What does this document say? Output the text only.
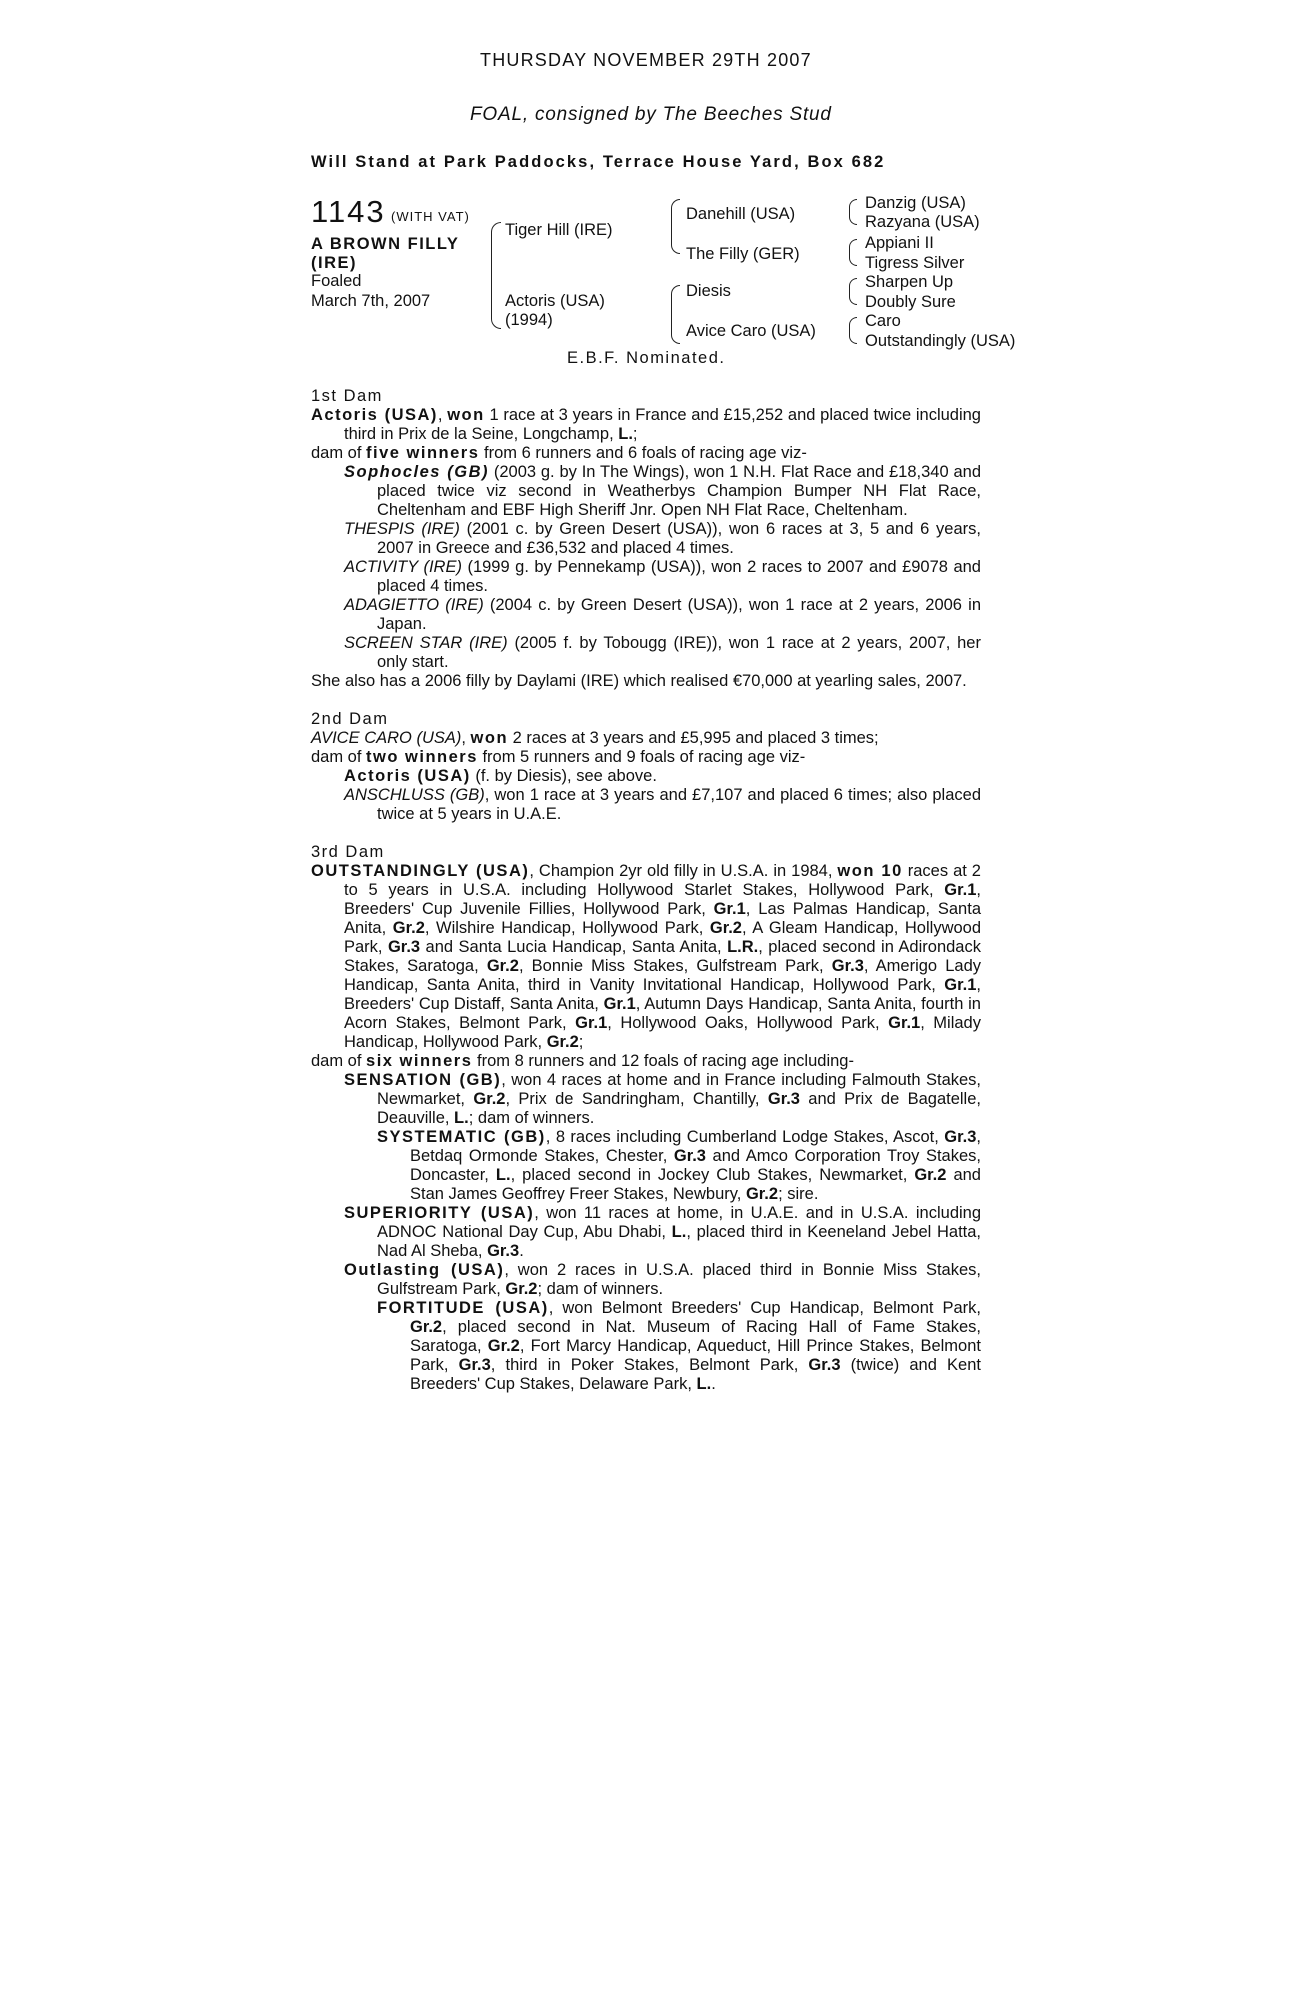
THURSDAY NOVEMBER 29TH 2007
FOAL, consigned by The Beeches Stud
Will Stand at Park Paddocks, Terrace House Yard, Box 682
1143 (WITH VAT)
A BROWN FILLY
(IRE)
Foaled
March 7th, 2007
Tiger Hill (IRE)
Actoris (USA)
(1994)
Danehill (USA)
The Filly (GER)
Diesis
Avice Caro (USA)
Danzig (USA)
Razyana (USA)
Appiani II
Tigress Silver
Sharpen Up
Doubly Sure
Caro
Outstandingly (USA)
E.B.F. Nominated.

1st Dam

Actoris (USA), won 1 race at 3 years in France and £15,252 and placed twice including third in Prix de la Seine, Longchamp, L.;

dam of five winners from 6 runners and 6 foals of racing age viz-

Sophocles (GB) (2003 g. by In The Wings), won 1 N.H. Flat Race and £18,340 and placed twice viz second in Weatherbys Champion Bumper NH Flat Race, Cheltenham and EBF High Sheriff Jnr. Open NH Flat Race, Cheltenham.

THESPIS (IRE) (2001 c. by Green Desert (USA)), won 6 races at 3, 5 and 6 years, 2007 in Greece and £36,532 and placed 4 times.

ACTIVITY (IRE) (1999 g. by Pennekamp (USA)), won 2 races to 2007 and £9078 and placed 4 times.

ADAGIETTO (IRE) (2004 c. by Green Desert (USA)), won 1 race at 2 years, 2006 in Japan.

SCREEN STAR (IRE) (2005 f. by Tobougg (IRE)), won 1 race at 2 years, 2007, her only start.

She also has a 2006 filly by Daylami (IRE) which realised €70,000 at yearling sales, 2007.

2nd Dam

AVICE CARO (USA), won 2 races at 3 years and £5,995 and placed 3 times;

dam of two winners from 5 runners and 9 foals of racing age viz-

Actoris (USA) (f. by Diesis), see above.

ANSCHLUSS (GB), won 1 race at 3 years and £7,107 and placed 6 times; also placed twice at 5 years in U.A.E.

3rd Dam

OUTSTANDINGLY (USA), Champion 2yr old filly in U.S.A. in 1984, won 10 races at 2 to 5 years in U.S.A. including Hollywood Starlet Stakes, Hollywood Park, Gr.1, Breeders' Cup Juvenile Fillies, Hollywood Park, Gr.1, Las Palmas Handicap, Santa Anita, Gr.2, Wilshire Handicap, Hollywood Park, Gr.2, A Gleam Handicap, Hollywood Park, Gr.3 and Santa Lucia Handicap, Santa Anita, L.R., placed second in Adirondack Stakes, Saratoga, Gr.2, Bonnie Miss Stakes, Gulfstream Park, Gr.3, Amerigo Lady Handicap, Santa Anita, third in Vanity Invitational Handicap, Hollywood Park, Gr.1, Breeders' Cup Distaff, Santa Anita, Gr.1, Autumn Days Handicap, Santa Anita, fourth in Acorn Stakes, Belmont Park, Gr.1, Hollywood Oaks, Hollywood Park, Gr.1, Milady Handicap, Hollywood Park, Gr.2;

dam of six winners from 8 runners and 12 foals of racing age including-

SENSATION (GB), won 4 races at home and in France including Falmouth Stakes, Newmarket, Gr.2, Prix de Sandringham, Chantilly, Gr.3 and Prix de Bagatelle, Deauville, L.; dam of winners.

SYSTEMATIC (GB), 8 races including Cumberland Lodge Stakes, Ascot, Gr.3, Betdaq Ormonde Stakes, Chester, Gr.3 and Amco Corporation Troy Stakes, Doncaster, L., placed second in Jockey Club Stakes, Newmarket, Gr.2 and Stan James Geoffrey Freer Stakes, Newbury, Gr.2; sire.

SUPERIORITY (USA), won 11 races at home, in U.A.E. and in U.S.A. including ADNOC National Day Cup, Abu Dhabi, L., placed third in Keeneland Jebel Hatta, Nad Al Sheba, Gr.3.

Outlasting (USA), won 2 races in U.S.A. placed third in Bonnie Miss Stakes, Gulfstream Park, Gr.2; dam of winners.

FORTITUDE (USA), won Belmont Breeders' Cup Handicap, Belmont Park, Gr.2, placed second in Nat. Museum of Racing Hall of Fame Stakes, Saratoga, Gr.2, Fort Marcy Handicap, Aqueduct, Hill Prince Stakes, Belmont Park, Gr.3, third in Poker Stakes, Belmont Park, Gr.3 (twice) and Kent Breeders' Cup Stakes, Delaware Park, L..
